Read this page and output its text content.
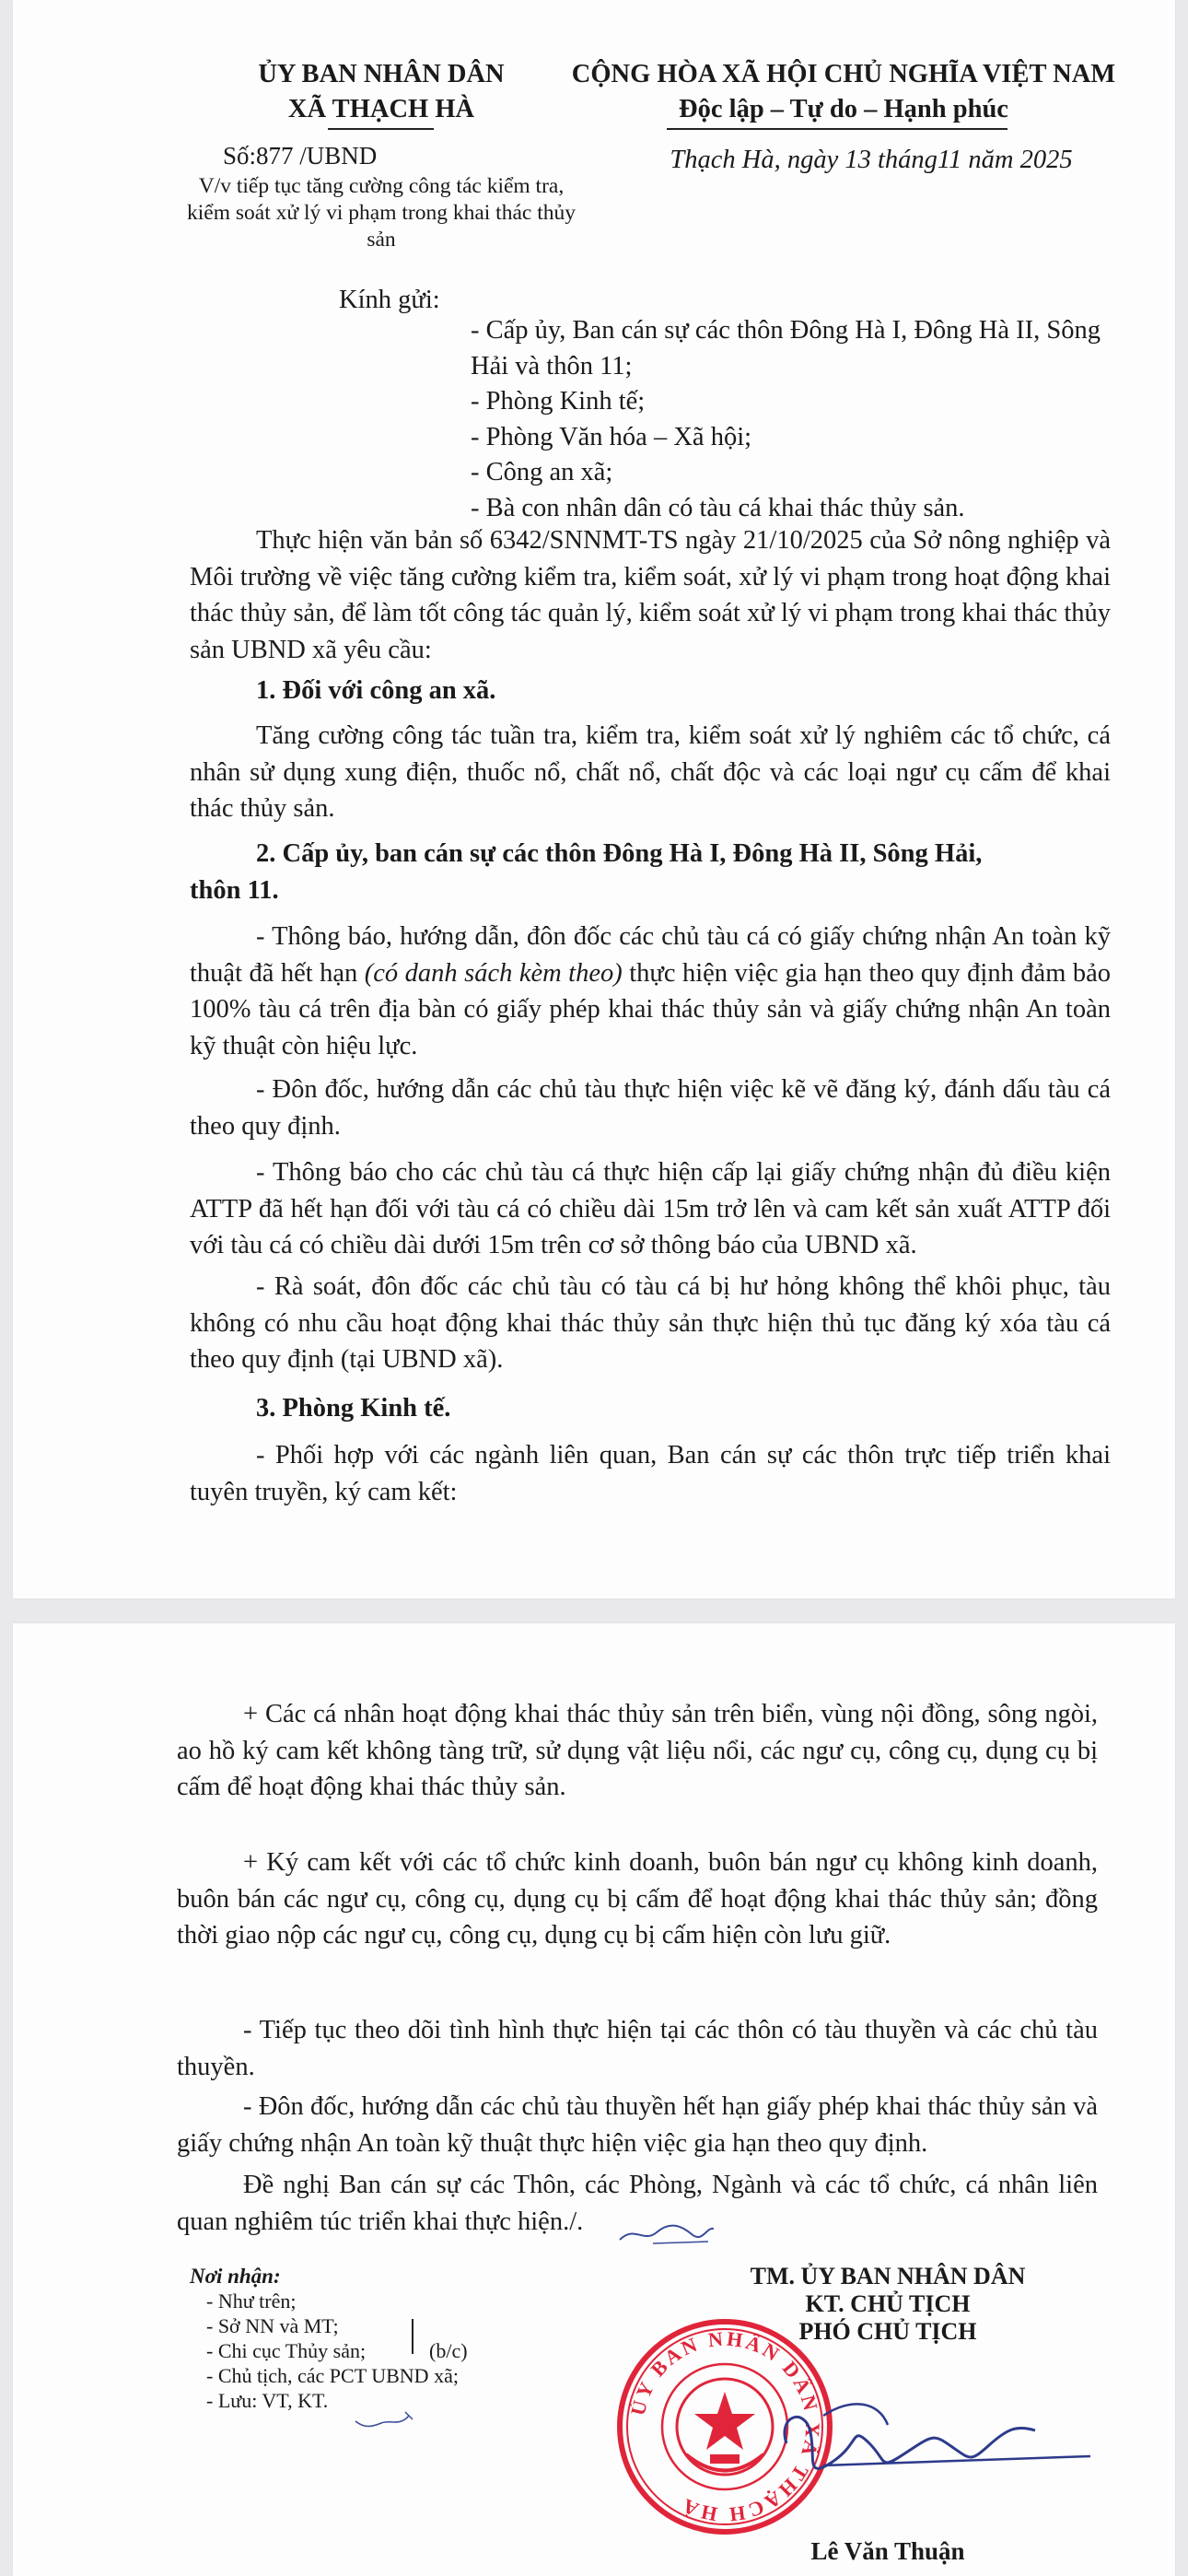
ỦY BAN NHÂN DÂN
XÃ THẠCH HÀ
CỘNG HÒA XÃ HỘI CHỦ NGHĨA VIỆT NAM
Độc lập – Tự do – Hạnh phúc
Số:877 /UBND
V/v tiếp tục tăng cường công tác kiểm tra, kiểm soát xử lý vi phạm trong khai thác thủy sản
Thạch Hà, ngày 13 tháng11 năm 2025
Kính gửi:
- Cấp ủy, Ban cán sự các thôn Đông Hà I, Đông Hà II, Sông Hải và thôn 11;
- Phòng Kinh tế;
- Phòng Văn hóa – Xã hội;
- Công an xã;
- Bà con nhân dân có tàu cá khai thác thủy sản.

Thực hiện văn bản số 6342/SNNMT-TS ngày 21/10/2025 của Sở nông nghiệp và Môi trường về việc tăng cường kiểm tra, kiểm soát, xử lý vi phạm trong hoạt động khai thác thủy sản, để làm tốt công tác quản lý, kiểm soát xử lý vi phạm trong khai thác thủy sản UBND xã yêu cầu:

1. Đối với công an xã.

Tăng cường công tác tuần tra, kiểm tra, kiểm soát xử lý nghiêm các tổ chức, cá nhân sử dụng xung điện, thuốc nổ, chất nổ, chất độc và các loại ngư cụ cấm để khai thác thủy sản.

2. Cấp ủy, ban cán sự các thôn Đông Hà I, Đông Hà II, Sông Hải,
thôn 11.

- Thông báo, hướng dẫn, đôn đốc các chủ tàu cá có giấy chứng nhận An toàn kỹ thuật đã hết hạn (có danh sách kèm theo) thực hiện việc gia hạn theo quy định đảm bảo 100% tàu cá trên địa bàn có giấy phép khai thác thủy sản và giấy chứng nhận An toàn kỹ thuật còn hiệu lực.

- Đôn đốc, hướng dẫn các chủ tàu thực hiện việc kẽ vẽ đăng ký, đánh dấu tàu cá theo quy định.

- Thông báo cho các chủ tàu cá thực hiện cấp lại giấy chứng nhận đủ điều kiện ATTP đã hết hạn đối với tàu cá có chiều dài 15m trở lên và cam kết sản xuất ATTP đối với tàu cá có chiều dài dưới 15m trên cơ sở thông báo của UBND xã.

- Rà soát, đôn đốc các chủ tàu có tàu cá bị hư hỏng không thể khôi phục, tàu không có nhu cầu hoạt động khai thác thủy sản thực hiện thủ tục đăng ký xóa tàu cá theo quy định (tại UBND xã).

3. Phòng Kinh tế.

- Phối hợp với các ngành liên quan, Ban cán sự các thôn trực tiếp triển khai tuyên truyền, ký cam kết:

+ Các cá nhân hoạt động khai thác thủy sản trên biển, vùng nội đồng, sông ngòi, ao hồ ký cam kết không tàng trữ, sử dụng vật liệu nổi, các ngư cụ, công cụ, dụng cụ bị cấm để hoạt động khai thác thủy sản.

+ Ký cam kết với các tổ chức kinh doanh, buôn bán ngư cụ không kinh doanh, buôn bán các ngư cụ, công cụ, dụng cụ bị cấm để hoạt động khai thác thủy sản; đồng thời giao nộp các ngư cụ, công cụ, dụng cụ bị cấm hiện còn lưu giữ.

- Tiếp tục theo dõi tình hình thực hiện tại các thôn có tàu thuyền và các chủ tàu thuyền.

- Đôn đốc, hướng dẫn các chủ tàu thuyền hết hạn giấy phép khai thác thủy sản và giấy chứng nhận An toàn kỹ thuật thực hiện việc gia hạn theo quy định.

Đề nghị Ban cán sự các Thôn, các Phòng, Ngành và các tổ chức, cá nhân liên quan nghiêm túc triển khai thực hiện./.

Nơi nhận:
- Như trên;
- Sở NN và MT;
- Chi cục Thủy sản;
- Chủ tịch, các PCT UBND xã;
- Lưu: VT, KT.
(b/c)
TM. ỦY BAN NHÂN DÂN
KT. CHỦ TỊCH
PHÓ CHỦ TỊCH
ỦY BAN NHÂN DÂN XÃ THẠCH HÀ
Lê Văn Thuận
